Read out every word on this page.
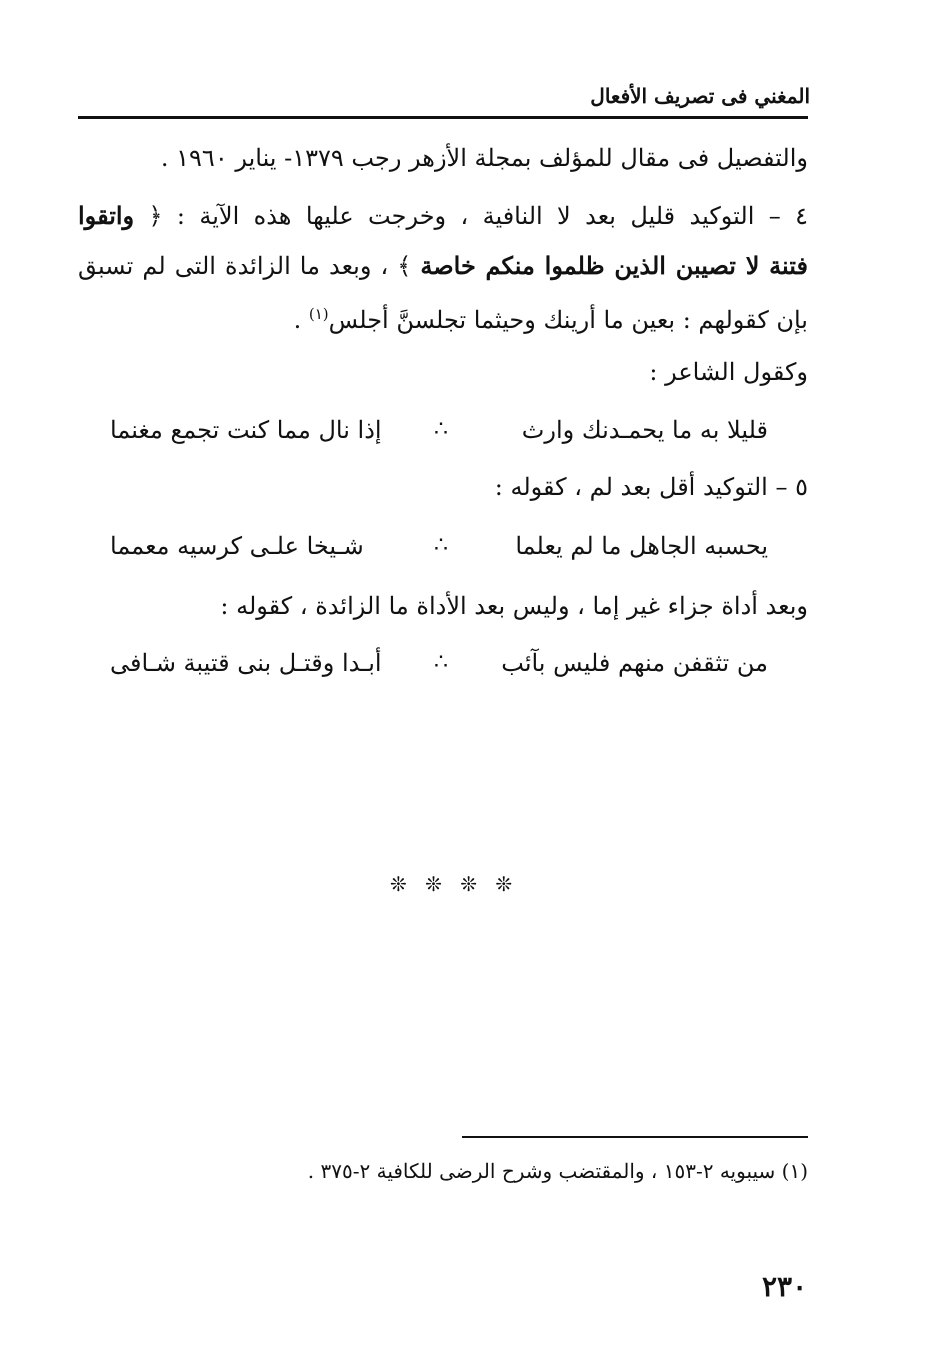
المغني فى تصريف الأفعال
والتفصيل فى مقال للمؤلف بمجلة الأزهر رجب ١٣٧٩- يناير ١٩٦٠ .
٤ – التوكيد قليل بعد لا النافية ، وخرجت عليها هذه الآية : ﴿ واتقوا
فتنة لا تصيبن الذين ظلموا منكم خاصة ﴾ ، وبعد ما الزائدة التى لم تسبق
بإن كقولهم : بعين ما أرينك وحيثما تجلسنَّ أجلس$^{(١)}$ .
وكقول الشاعر :
قليلا به ما يحمـدنك وارث
∴
إذا نال مما كنت تجمع مغنما
٥ – التوكيد أقل بعد لم ، كقوله :
يحسبه الجاهل ما لم يعلما
∴
شـيخا علـى كرسيه معمما
وبعد أداة جزاء غير إما ، وليس بعد الأداة ما الزائدة ، كقوله :
من تثقفن منهم فليس بآئب
∴
أبـدا وقتـل بنى قتيبة شـافى
❊ ❊ ❊ ❊
(١) سيبويه ٢-١٥٣ ، والمقتضب وشرح الرضى للكافية ٢-٣٧٥ .
٢٣٠
